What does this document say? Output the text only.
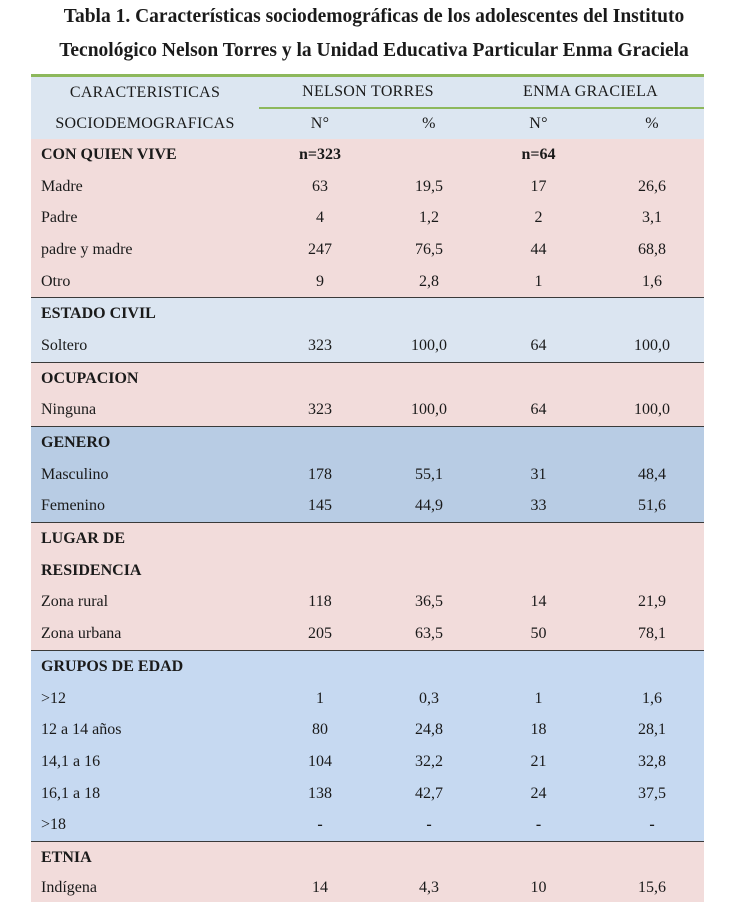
Tabla 1. Características sociodemográficas de los adolescentes del Instituto
Tecnológico Nelson Torres y la Unidad Educativa Particular Enma Graciela
CARACTERISTICAS
SOCIODEMOGRAFICAS	NELSON TORRES		ENMA GRACIELA	
	N°	%	N°	%
CON QUIEN VIVE	n=323		n=64	
Madre	63	19,5	17	26,6
Padre	4	1,2	2	3,1
padre y madre	247	76,5	44	68,8
Otro	9	2,8	1	1,6
ESTADO CIVIL				
Soltero	323	100,0	64	100,0
OCUPACION				
Ninguna	323	100,0	64	100,0
GENERO				
Masculino	178	55,1	31	48,4
Femenino	145	44,9	33	51,6
LUGAR DE				
RESIDENCIA				
Zona rural	118	36,5	14	21,9
Zona urbana	205	63,5	50	78,1
GRUPOS DE EDAD				
>12	1	0,3	1	1,6
12 a 14 años	80	24,8	18	28,1
14,1 a 16	104	32,2	21	32,8
16,1 a 18	138	42,7	24	37,5
>18	-	-	-	-
ETNIA				
Indígena	14	4,3	10	15,6
